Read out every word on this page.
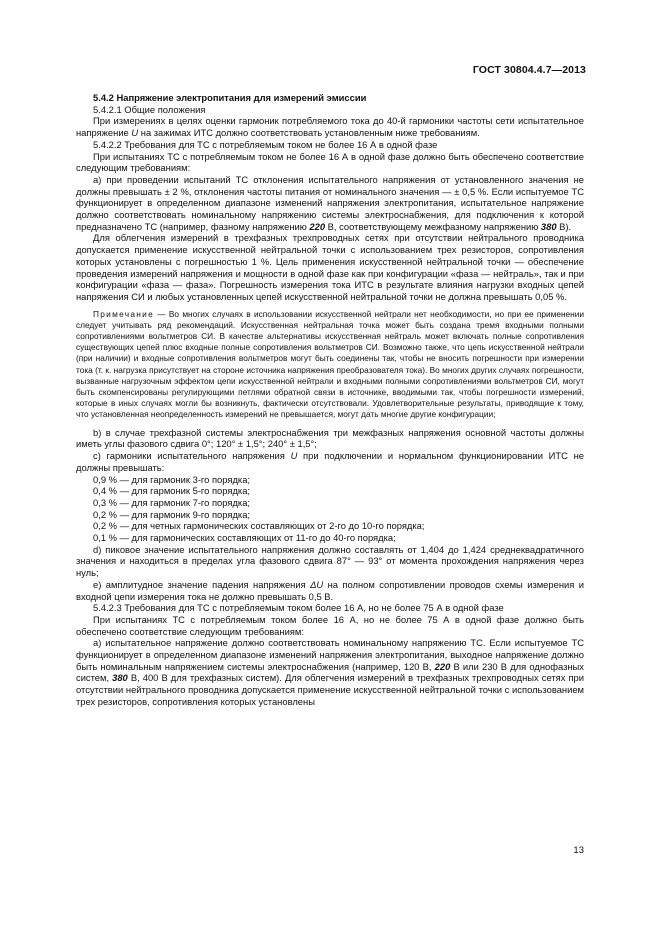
ГОСТ 30804.4.7—2013

5.4.2 Напряжение электропитания для измерений эмиссии

5.4.2.1 Общие положения

При измерениях в целях оценки гармоник потребляемого тока до 40-й гармоники частоты сети испытательное напряжение U на зажимах ИТС должно соответствовать установленным ниже требованиям.

5.4.2.2 Требования для ТС с потребляемым током не более 16 А в одной фазе

При испытаниях ТС с потребляемым током не более 16 А в одной фазе должно быть обеспечено соответствие следующим требованиям:

а) при проведении испытаний ТС отклонения испытательного напряжения от установленного значения не должны превышать ± 2 %, отклонения частоты питания от номинального значения — ± 0,5 %. Если испытуемое ТС функционирует в определенном диапазоне изменений напряжения электропитания, испытательное напряжение должно соответствовать номинальному напряжению системы электроснабжения, для подключения к которой предназначено ТС (например, фазному напряжению 220 В, соответствующему межфазному напряжению 380 В).

Для облегчения измерений в трехфазных трехпроводных сетях при отсутствии нейтрального проводника допускается применение искусственной нейтральной точки с использованием трех резисторов, сопротивления которых установлены с погрешностью 1 %. Цель применения искусственной нейтральной точки — обеспечение проведения измерений напряжения и мощности в одной фазе как при конфигурации «фаза — нейтраль», так и при конфигурации «фаза — фаза». Погрешность измерения тока ИТС в результате влияния нагрузки входных цепей напряжения СИ и любых установленных цепей искусственной нейтральной точки не должна превышать 0,05 %.

Примечание — Во многих случаях в использовании искусственной нейтрали нет необходимости, но при ее применении следует учитывать ряд рекомендаций. Искусственная нейтральная точка может быть создана тремя входными полными сопротивлениями вольтметров СИ. В качестве альтернативы искусственная нейтраль может включать полные сопротивления существующих цепей плюс входные полные сопротивления вольтметров СИ. Возможно также, что цепь искусственной нейтрали (при наличии) и входные сопротивления вольтметров могут быть соединены так, чтобы не вносить погрешности при измерении тока (т. к. нагрузка присутствует на стороне источника напряжения преобразователя тока). Во многих других случаях погрешности, вызванные нагрузочным эффектом цепи искусственной нейтрали и входными полными сопротивлениями вольтметров СИ, могут быть скомпенсированы регулирующими петлями обратной связи в источнике, вводимыми так, чтобы погрешности измерений, которые в иных случаях могли бы возникнуть, фактически отсутствовали. Удовлетворительные результаты, приводящие к тому, что установленная неопределенность измерений не превышается, могут дать многие другие конфигурации;

b) в случае трехфазной системы электроснабжения три межфазных напряжения основной частоты должны иметь углы фазового сдвига 0°; 120° ± 1,5°; 240° ± 1,5°;

с) гармоники испытательного напряжения U при подключении и нормальном функционировании ИТС не должны превышать:

0,9 % — для гармоник 3-го порядка;

0,4 % — для гармоник 5-го порядка;

0,3 % — для гармоник 7-го порядка;

0,2 % — для гармоник 9-го порядка;

0,2 % — для четных гармонических составляющих от 2-го до 10-го порядка;

0,1 % — для гармонических составляющих от 11-го до 40-го порядка;

d) пиковое значение испытательного напряжения должно составлять от 1,404 до 1,424 среднеквадратичного значения и находиться в пределах угла фазового сдвига 87° — 93° от момента прохождения напряжения через нуль;

е) амплитудное значение падения напряжения ΔU на полном сопротивлении проводов схемы измерения и входной цепи измерения тока не должно превышать 0,5 В.

5.4.2.3 Требования для ТС с потребляемым током более 16 А, но не более 75 А в одной фазе

При испытаниях ТС с потребляемым током более 16 А, но не более 75 А в одной фазе должно быть обеспечено соответствие следующим требованиям:

а) испытательное напряжение должно соответствовать номинальному напряжению ТС. Если испытуемое ТС функционирует в определенном диапазоне изменений напряжения электропитания, выходное напряжение должно быть номинальным напряжением системы электроснабжения (например, 120 В, 220 В или 230 В для однофазных систем, 380 В, 400 В для трехфазных систем). Для облегчения измерений в трехфазных трехпроводных сетях при отсутствии нейтрального проводника допускается применение искусственной нейтральной точки с использованием трех резисторов, сопротивления которых установлены

13
